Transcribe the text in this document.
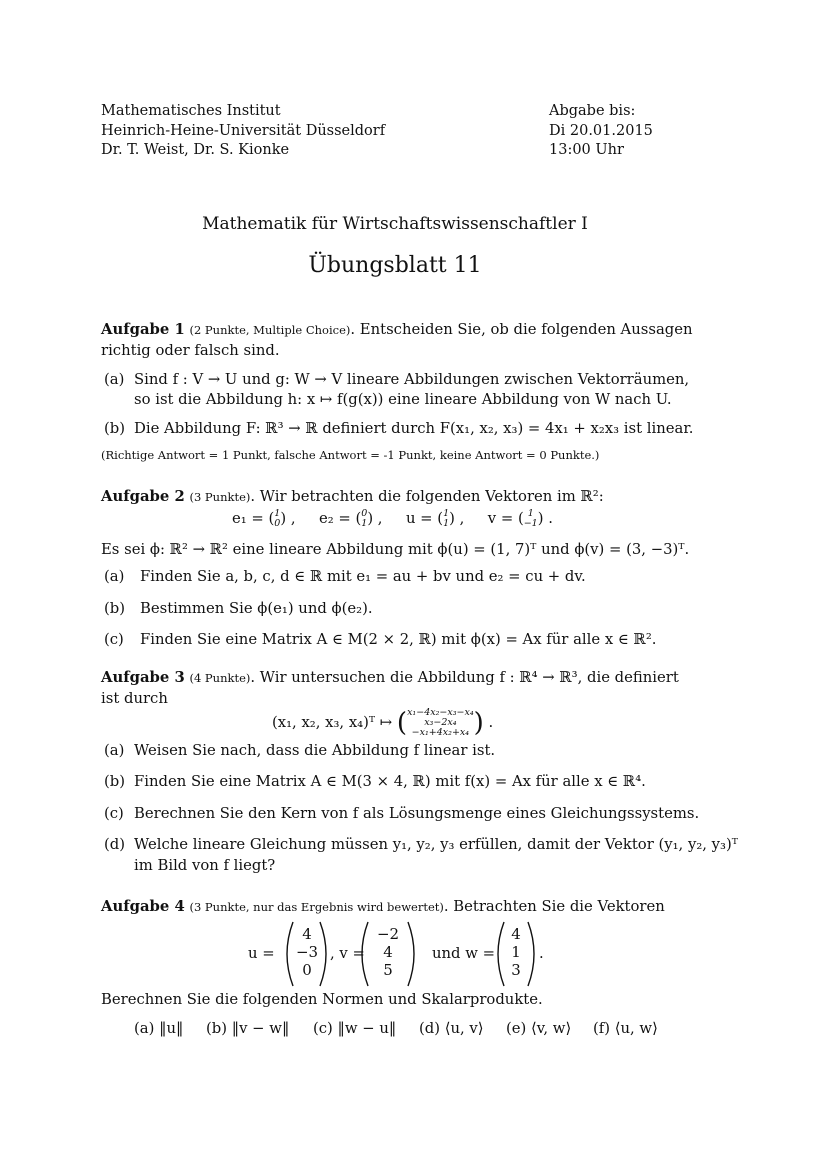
Mathematisches Institut
Heinrich-Heine-Universität Düsseldorf
Dr. T. Weist, Dr. S. Kionke
Abgabe bis:
Di 20.01.2015
13:00 Uhr
Mathematik für Wirtschaftswissenschaftler I
Übungsblatt 11
Aufgabe 1 (2 Punkte, Multiple Choice). Entscheiden Sie, ob die folgenden Aussagen
richtig oder falsch sind.
(a) Sind f : V → U und g: W → V lineare Abbildungen zwischen Vektorräumen,
so ist die Abbildung h: x ↦ f(g(x)) eine lineare Abbildung von W nach U.
(b) Die Abbildung F: ℝ³ → ℝ definiert durch F(x₁, x₂, x₃) = 4x₁ + x₂x₃ ist linear.
(Richtige Antwort = 1 Punkt, falsche Antwort = -1 Punkt, keine Antwort = 0 Punkte.)
Aufgabe 2 (3 Punkte). Wir betrachten die folgenden Vektoren im ℝ²:
e₁ = ( 1
0 ) , e₂ = ( 0
1 ) , u = ( 1
1 ) , v = ( 1
−1 ) .
Es sei ϕ: ℝ² → ℝ² eine lineare Abbildung mit ϕ(u) = (1, 7)ᵀ und ϕ(v) = (3, −3)ᵀ.
(a) Finden Sie a, b, c, d ∈ ℝ mit e₁ = au + bv und e₂ = cu + dv.
(b) Bestimmen Sie ϕ(e₁) und ϕ(e₂).
(c) Finden Sie eine Matrix A ∈ M(2 × 2, ℝ) mit ϕ(x) = Ax für alle x ∈ ℝ².
Aufgabe 3 (4 Punkte). Wir untersuchen die Abbildung f : ℝ⁴ → ℝ³, die definiert
ist durch
(x₁, x₂, x₃, x₄)ᵀ ↦ ( x₁−4x₂−x₃−x₄
x₃−2x₄
−x₁+4x₂+x₄ ) .
(a) Weisen Sie nach, dass die Abbildung f linear ist.
(b) Finden Sie eine Matrix A ∈ M(3 × 4, ℝ) mit f(x) = Ax für alle x ∈ ℝ⁴.
(c) Berechnen Sie den Kern von f als Lösungsmenge eines Gleichungssystems.
(d) Welche lineare Gleichung müssen y₁, y₂, y₃ erfüllen, damit der Vektor (y₁, y₂, y₃)ᵀ
im Bild von f liegt?
Aufgabe 4 (3 Punkte, nur das Ergebnis wird bewertet). Betrachten Sie die Vektoren
u =
4
−3
0
, v =
−2
4
5
und w =
4
1
3
.
Berechnen Sie die folgenden Normen und Skalarprodukte.
(a) ‖u‖ (b) ‖v − w‖ (c) ‖w − u‖ (d) ⟨u, v⟩ (e) ⟨v, w⟩ (f) ⟨u, w⟩
